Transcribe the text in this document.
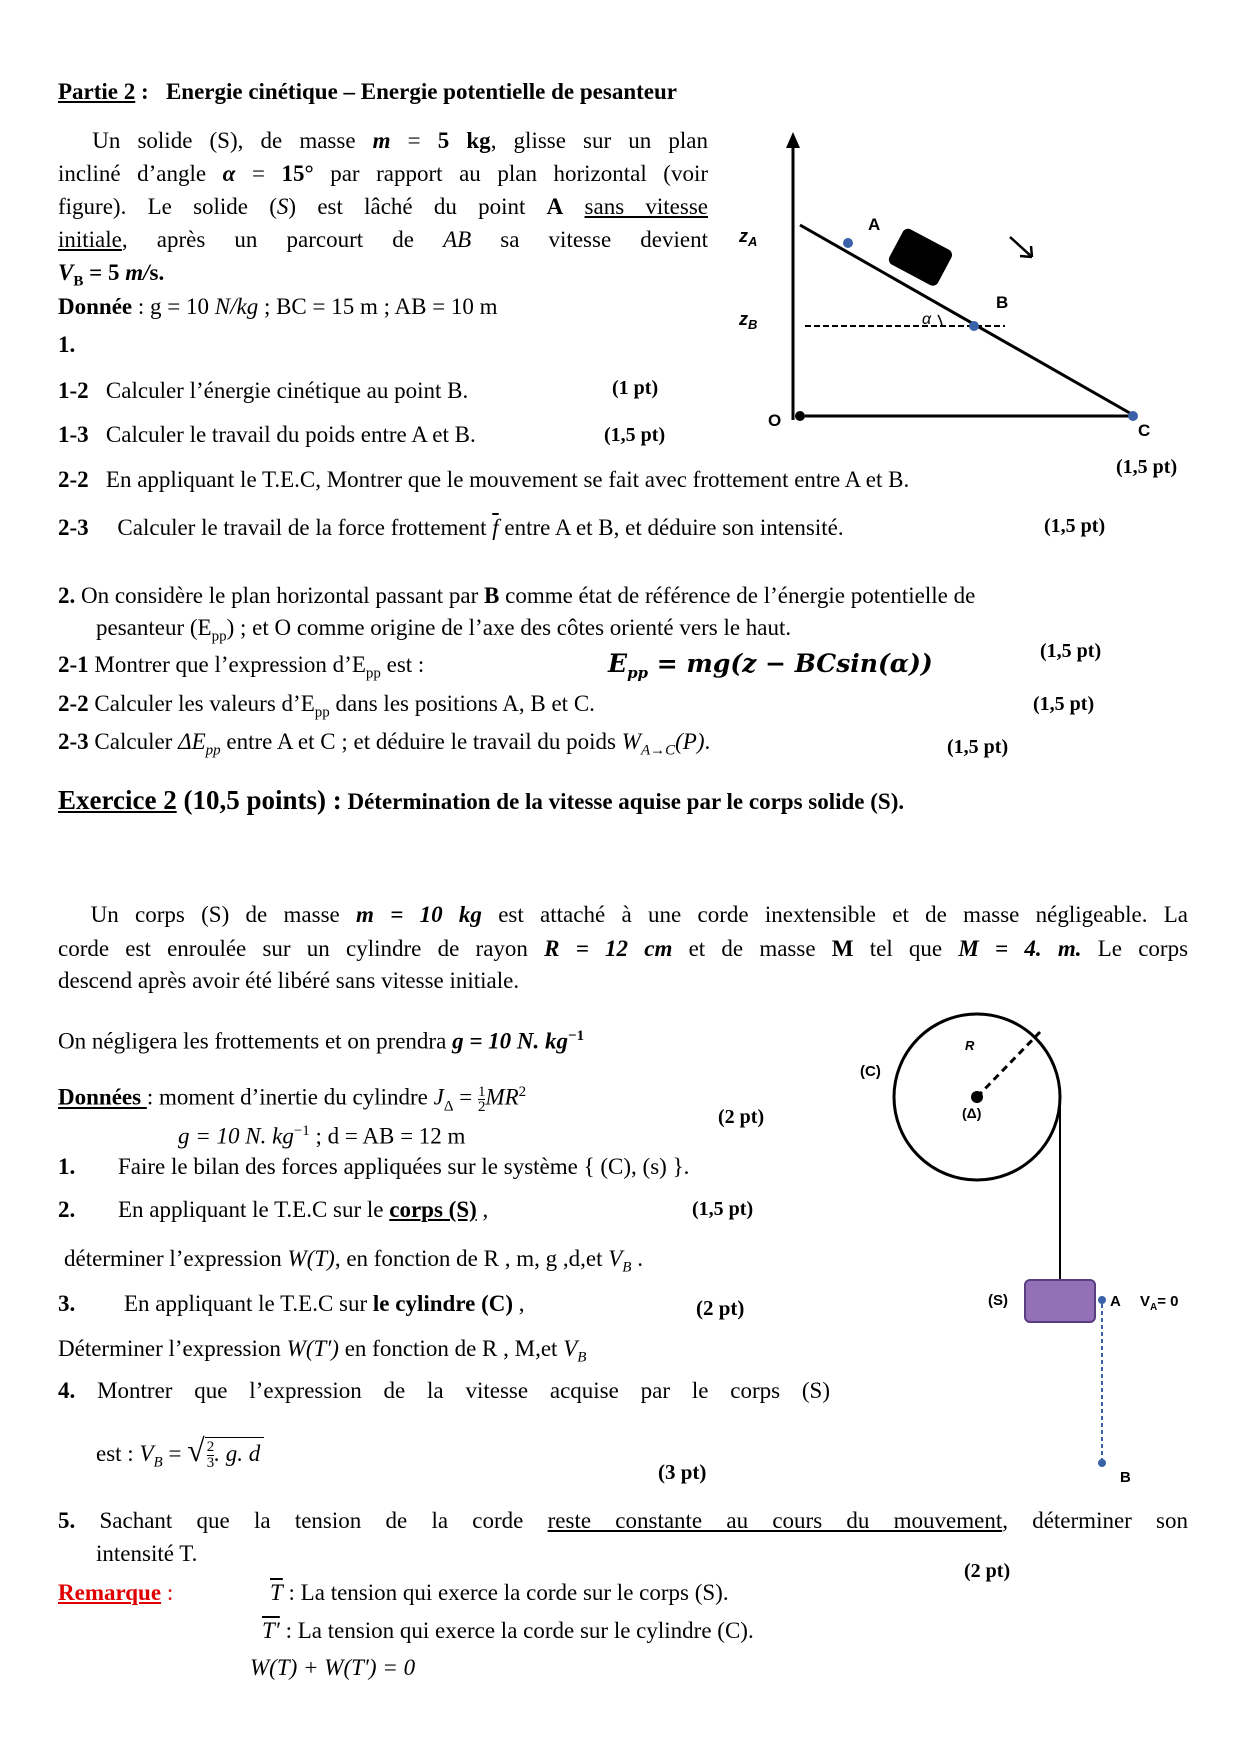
Partie 2 : Energie cinétique – Energie potentielle de pesanteur
Un solide (S), de masse m = 5 kg, glisse sur un plan
incliné d’angle α = 15° par rapport au plan horizontal (voir
figure). Le solide (S) est lâché du point A sans vitesse
initiale, après un parcourt de AB sa vitesse devient
$V_B = 5$ m/s.
Donnée : g = 10 N/kg ; BC = 15 m ; AB = 10 m
1.
1-2 Calculer l’énergie cinétique au point B.	(1 pt)
1-3 Calculer le travail du poids entre A et B.	(1,5 pt)
2-2 En appliquant le T.E.C, Montrer que le mouvement se fait avec frottement entre A et B.	(1,5 pt)
2-3 Calculer le travail de la force frottement $\overline{f}$ entre A et B, et déduire son intensité.	(1,5 pt)
2. On considère le plan horizontal passant par B comme état de référence de l’énergie potentielle de
pesanteur $(E_{pp})$ ; et O comme origine de l’axe des côtes orienté vers le haut.
(1,5 pt)
2-1 Montrer que l’expression $d’E_{pp}$ est :	$E_{pp} = mg(z - BCsin(\alpha))$
2-2 Calculer les valeurs $d’E_{pp}$ dans les positions A, B et C.	(1,5 pt)
2-3 Calculer $\Delta E_{pp}$ entre A et C ; et déduire le travail du poids $W_{A\to C}(P)$.	(1,5 pt)
$z_A$
$z_B$
A
B
C
O
α
Exercice 2 (10,5 points) : Détermination de la vitesse aquise par le corps solide (S).
Un corps (S) de masse m = 10 kg est attaché à une corde inextensible et de masse négligeable. La
corde est enroulée sur un cylindre de rayon R = 12 cm et de masse M tel que M = 4. m. Le corps
descend après avoir été libéré sans vitesse initiale.
On négligera les frottements et on prendra g = 10 N. $kg^{-1}$
Données : moment d’inertie du cylindre $J_\Delta = \frac{1}{2} MR^2$
g = 10 N. $kg^{-1}$ ; d = AB = 12 m
(2 pt)
1. Faire le bilan des forces appliquées sur le système { (C), (s) }.
2. En appliquant le T.E.C sur le corps (S) ,	(1,5 pt)
déterminer l’expression W(T), en fonction de R , m, g ,d,et $V_B$ .
3. En appliquant le T.E.C sur le cylindre (C) ,	(2 pt)
Déterminer l’expression W(T′) en fonction de R , M,et $V_B$
4. Montrer que l’expression de la vitesse acquise par le corps (S)
est : $V_B$ = √ $\frac{2}{3}$ . g. d
(3 pt)
5. Sachant que la tension de la corde reste constante au cours du mouvement, déterminer son
intensité T.
(2 pt)
Remarque :	$\overline{T}$ : La tension qui exerce la corde sur le corps (S).
T′ : La tension qui exerce la corde sur le cylindre (C).
W(T) + W(T′) = 0
(C)
R
(Δ)
(S)	A $V_A= 0$
B
